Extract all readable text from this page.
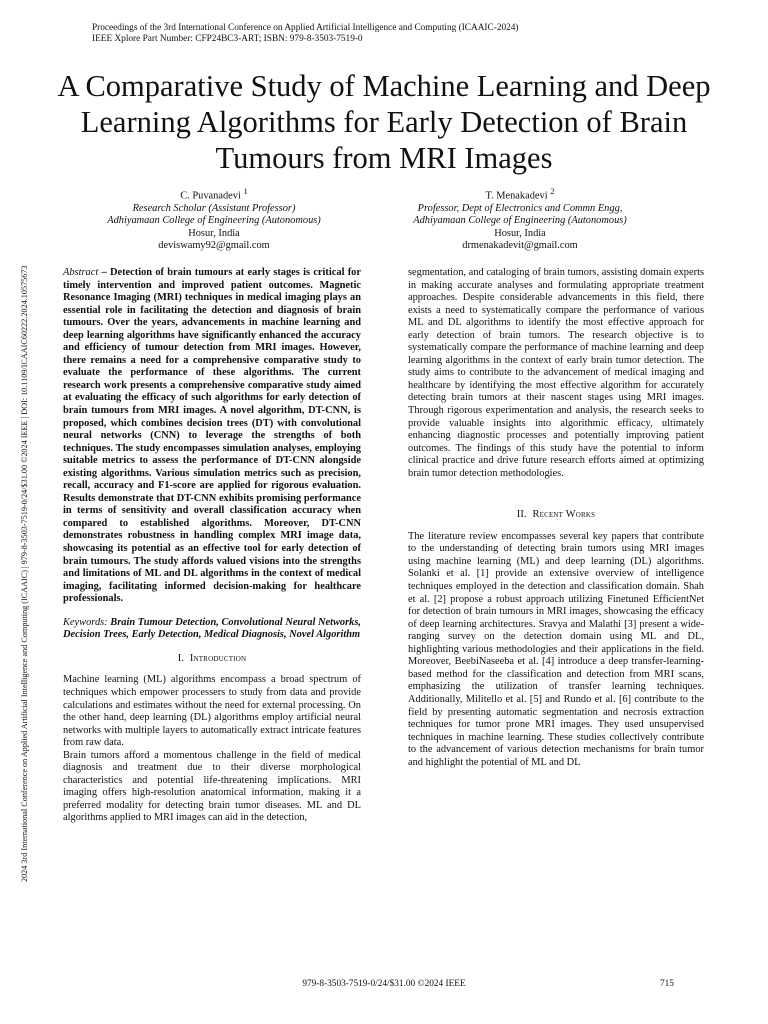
Proceedings of the 3rd International Conference on Applied Artificial Intelligence and Computing (ICAAIC-2024)
IEEE Xplore Part Number: CFP24BC3-ART; ISBN: 979-8-3503-7519-0
2024 3rd International Conference on Applied Artificial Intelligence and Computing (ICAAIC) | 979-8-3503-7519-0/24/$31.00 ©2024 IEEE | DOI: 10.1109/ICAAIC60222.2024.10575673
A Comparative Study of Machine Learning and Deep Learning Algorithms for Early Detection of Brain Tumours from MRI Images
C. Puvanadevi $^1$
Research Scholar (Assistant Professor)
Adhiyamaan College of Engineering (Autonomous)
Hosur, India
deviswamy92@gmail.com
T. Menakadevi $^2$
Professor, Dept of Electronics and Commn Engg,
Adhiyamaan College of Engineering (Autonomous)
Hosur, India
drmenakadevit@gmail.com

Abstract – Detection of brain tumours at early stages is critical for timely intervention and improved patient outcomes. Magnetic Resonance Imaging (MRI) techniques in medical imaging plays an essential role in facilitating the detection and diagnosis of brain tumours. Over the years, advancements in machine learning and deep learning algorithms have significantly enhanced the accuracy and efficiency of tumour detection from MRI images. However, there remains a need for a comprehensive comparative study to evaluate the performance of these algorithms. The current research work presents a comprehensive comparative study aimed at evaluating the efficacy of such algorithms for early detection of brain tumours from MRI images. A novel algorithm, DT-CNN, is proposed, which combines decision trees (DT) with convolutional neural networks (CNN) to leverage the strengths of both techniques. The study encompasses simulation analyses, employing suitable metrics to assess the performance of DT-CNN alongside existing algorithms. Various simulation metrics such as precision, recall, accuracy and F1-score are applied for rigorous evaluation. Results demonstrate that DT-CNN exhibits promising performance in terms of sensitivity and overall classification accuracy when compared to established algorithms. Moreover, DT-CNN demonstrates robustness in handling complex MRI image data, showcasing its potential as an effective tool for early detection of brain tumours. The study affords valued visions into the strengths and limitations of ML and DL algorithms in the context of medical imaging, facilitating informed decision-making for healthcare professionals.

Keywords: Brain Tumour Detection, Convolutional Neural Networks, Decision Trees, Early Detection, Medical Diagnosis, Novel Algorithm

I. Introduction

Machine learning (ML) algorithms encompass a broad spectrum of techniques which empower processers to study from data and provide calculations and estimates without the need for external processing. On the other hand, deep learning (DL) algorithms employ artificial neural networks with multiple layers to automatically extract intricate features from raw data.

Brain tumors afford a momentous challenge in the field of medical diagnosis and treatment due to their diverse morphological characteristics and potential life-threatening implications. MRI imaging offers high-resolution anatomical information, making it a preferred modality for detecting brain tumor diseases. ML and DL algorithms applied to MRI images can aid in the detection,

segmentation, and cataloging of brain tumors, assisting domain experts in making accurate analyses and formulating appropriate treatment approaches. Despite considerable advancements in this field, there exists a need to systematically compare the performance of various ML and DL algorithms to identify the most effective approach for early detection of brain tumors. The research objective is to systematically compare the performance of machine learning and deep learning algorithms in the context of early brain tumor detection. The study aims to contribute to the advancement of medical imaging and healthcare by identifying the most effective algorithm for accurately detecting brain tumors at their nascent stages using MRI images. Through rigorous experimentation and analysis, the research seeks to provide valuable insights into algorithmic efficacy, ultimately enhancing diagnostic processes and potentially improving patient outcomes. The findings of this study have the potential to inform clinical practice and drive future research efforts aimed at optimizing brain tumor detection methodologies.

II. Recent Works

The literature review encompasses several key papers that contribute to the understanding of detecting brain tumors using MRI images using machine learning (ML) and deep learning (DL) algorithms. Solanki et al. [1] provide an extensive overview of intelligence techniques employed in the detection and classification domain. Shah et al. [2] propose a robust approach utilizing Finetuned EfficientNet for detection of brain tumours in MRI images, showcasing the efficacy of deep learning architectures. Sravya and Malathi [3] present a wide-ranging survey on the detection domain using ML and DL, highlighting various methodologies and their applications in the field. Moreover, BeebiNaseeba et al. [4] introduce a deep transfer-learning-based method for the classification and detection from MRI scans, emphasizing the utilization of transfer learning techniques. Additionally, Militello et al. [5] and Rundo et al. [6] contribute to the field by presenting automatic segmentation and necrosis extraction techniques for tumor prone MRI images. They used unsupervised techniques in machine learning. These studies collectively contribute to the advancement of various detection mechanisms for brain tumor and highlight the potential of ML and DL

979-8-3503-7519-0/24/$31.00 ©2024 IEEE	715
